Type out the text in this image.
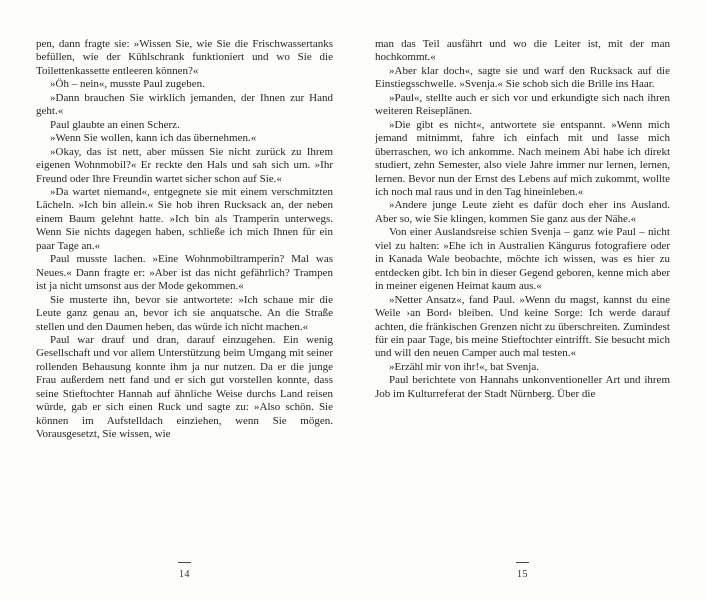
pen, dann fragte sie: »Wissen Sie, wie Sie die Frischwassertanks befüllen, wie der Kühlschrank funktioniert und wo Sie die Toilettenkassette entleeren können?«

»Öh – nein«, musste Paul zugeben.

»Dann brauchen Sie wirklich jemanden, der Ihnen zur Hand geht.«

Paul glaubte an einen Scherz.

»Wenn Sie wollen, kann ich das übernehmen.«

»Okay, das ist nett, aber müssen Sie nicht zurück zu Ihrem eigenen Wohnmobil?« Er reckte den Hals und sah sich um. »Ihr Freund oder Ihre Freundin wartet sicher schon auf Sie.«

»Da wartet niemand«, entgegnete sie mit einem verschmitzten Lächeln. »Ich bin allein.« Sie hob ihren Rucksack an, der neben einem Baum gelehnt hatte. »Ich bin als Tramperin unterwegs. Wenn Sie nichts dagegen haben, schließe ich mich Ihnen für ein paar Tage an.«

Paul musste lachen. »Eine Wohnmobiltramperin? Mal was Neues.« Dann fragte er: »Aber ist das nicht gefährlich? Trampen ist ja nicht umsonst aus der Mode gekommen.«

Sie musterte ihn, bevor sie antwortete: »Ich schaue mir die Leute ganz genau an, bevor ich sie anquatsche. An die Straße stellen und den Daumen heben, das würde ich nicht machen.«

Paul war drauf und dran, darauf einzugehen. Ein wenig Gesellschaft und vor allem Unterstützung beim Umgang mit seiner rollenden Behausung konnte ihm ja nur nutzen. Da er die junge Frau außerdem nett fand und er sich gut vorstellen konnte, dass seine Stieftochter Hannah auf ähnliche Weise durchs Land reisen würde, gab er sich einen Ruck und sagte zu: »Also schön. Sie können im Aufstelldach einziehen, wenn Sie mögen. Vorausgesetzt, Sie wissen, wie

14

man das Teil ausfährt und wo die Leiter ist, mit der man hochkommt.«

»Aber klar doch«, sagte sie und warf den Rucksack auf die Einstiegsschwelle. »Svenja.« Sie schob sich die Brille ins Haar.

»Paul«, stellte auch er sich vor und erkundigte sich nach ihren weiteren Reiseplänen.

»Die gibt es nicht«, antwortete sie entspannt. »Wenn mich jemand mitnimmt, fahre ich einfach mit und lasse mich überraschen, wo ich ankomme. Nach meinem Abi habe ich direkt studiert, zehn Semester, also viele Jahre immer nur lernen, lernen, lernen. Bevor nun der Ernst des Lebens auf mich zukommt, wollte ich noch mal raus und in den Tag hineinleben.«

»Andere junge Leute zieht es dafür doch eher ins Ausland. Aber so, wie Sie klingen, kommen Sie ganz aus der Nähe.«

Von einer Auslandsreise schien Svenja – ganz wie Paul – nicht viel zu halten: »Ehe ich in Australien Kängurus fotografiere oder in Kanada Wale beobachte, möchte ich wissen, was es hier zu entdecken gibt. Ich bin in dieser Gegend geboren, kenne mich aber in meiner eigenen Heimat kaum aus.«

»Netter Ansatz«, fand Paul. »Wenn du magst, kannst du eine Weile ›an Bord‹ bleiben. Und keine Sorge: Ich werde darauf achten, die fränkischen Grenzen nicht zu überschreiten. Zumindest für ein paar Tage, bis meine Stieftochter eintrifft. Sie besucht mich und will den neuen Camper auch mal testen.«

»Erzähl mir von ihr!«, bat Svenja.

Paul berichtete von Hannahs unkonventioneller Art und ihrem Job im Kulturreferat der Stadt Nürnberg. Über die

15
